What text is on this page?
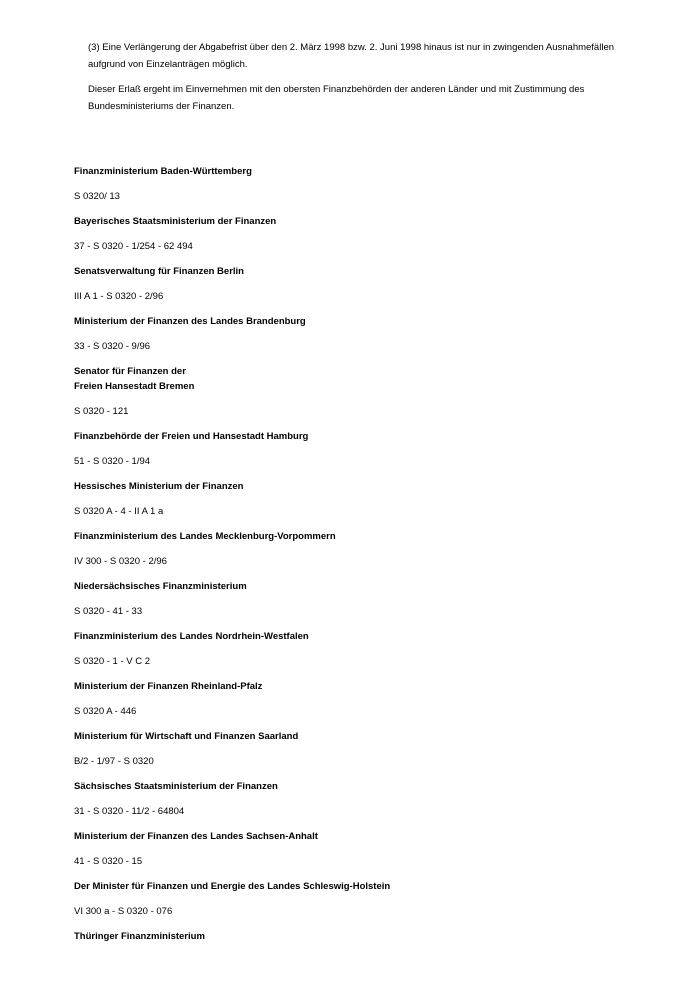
(3) Eine Verlängerung der Abgabefrist über den 2. März 1998 bzw. 2. Juni 1998 hinaus ist nur in zwingenden Ausnahmefällen aufgrund von Einzelanträgen möglich.

Dieser Erlaß ergeht im Einvernehmen mit den obersten Finanzbehörden der anderen Länder und mit Zustimmung des Bundesministeriums der Finanzen.

Finanzministerium Baden-Württemberg

S 0320/ 13

Bayerisches Staatsministerium der Finanzen

37 - S 0320 - 1/254 - 62 494

Senatsverwaltung für Finanzen Berlin

III A 1 - S 0320 - 2/96

Ministerium der Finanzen des Landes Brandenburg

33 - S 0320 - 9/96

Senator für Finanzen der
Freien Hansestadt Bremen

S 0320 - 121

Finanzbehörde der Freien und Hansestadt Hamburg

51 - S 0320 - 1/94

Hessisches Ministerium der Finanzen

S 0320 A - 4 - II A 1 a

Finanzministerium des Landes Mecklenburg-Vorpommern

IV 300 - S 0320 - 2/96

Niedersächsisches Finanzministerium

S 0320 - 41 - 33

Finanzministerium des Landes Nordrhein-Westfalen

S 0320 - 1 - V C 2

Ministerium der Finanzen Rheinland-Pfalz

S 0320 A - 446

Ministerium für Wirtschaft und Finanzen Saarland

B/2 - 1/97 - S 0320

Sächsisches Staatsministerium der Finanzen

31 - S 0320 - 11/2 - 64804

Ministerium der Finanzen des Landes Sachsen-Anhalt

41 - S 0320 - 15

Der Minister für Finanzen und Energie des Landes Schleswig-Holstein

VI 300 a - S 0320 - 076

Thüringer Finanzministerium
